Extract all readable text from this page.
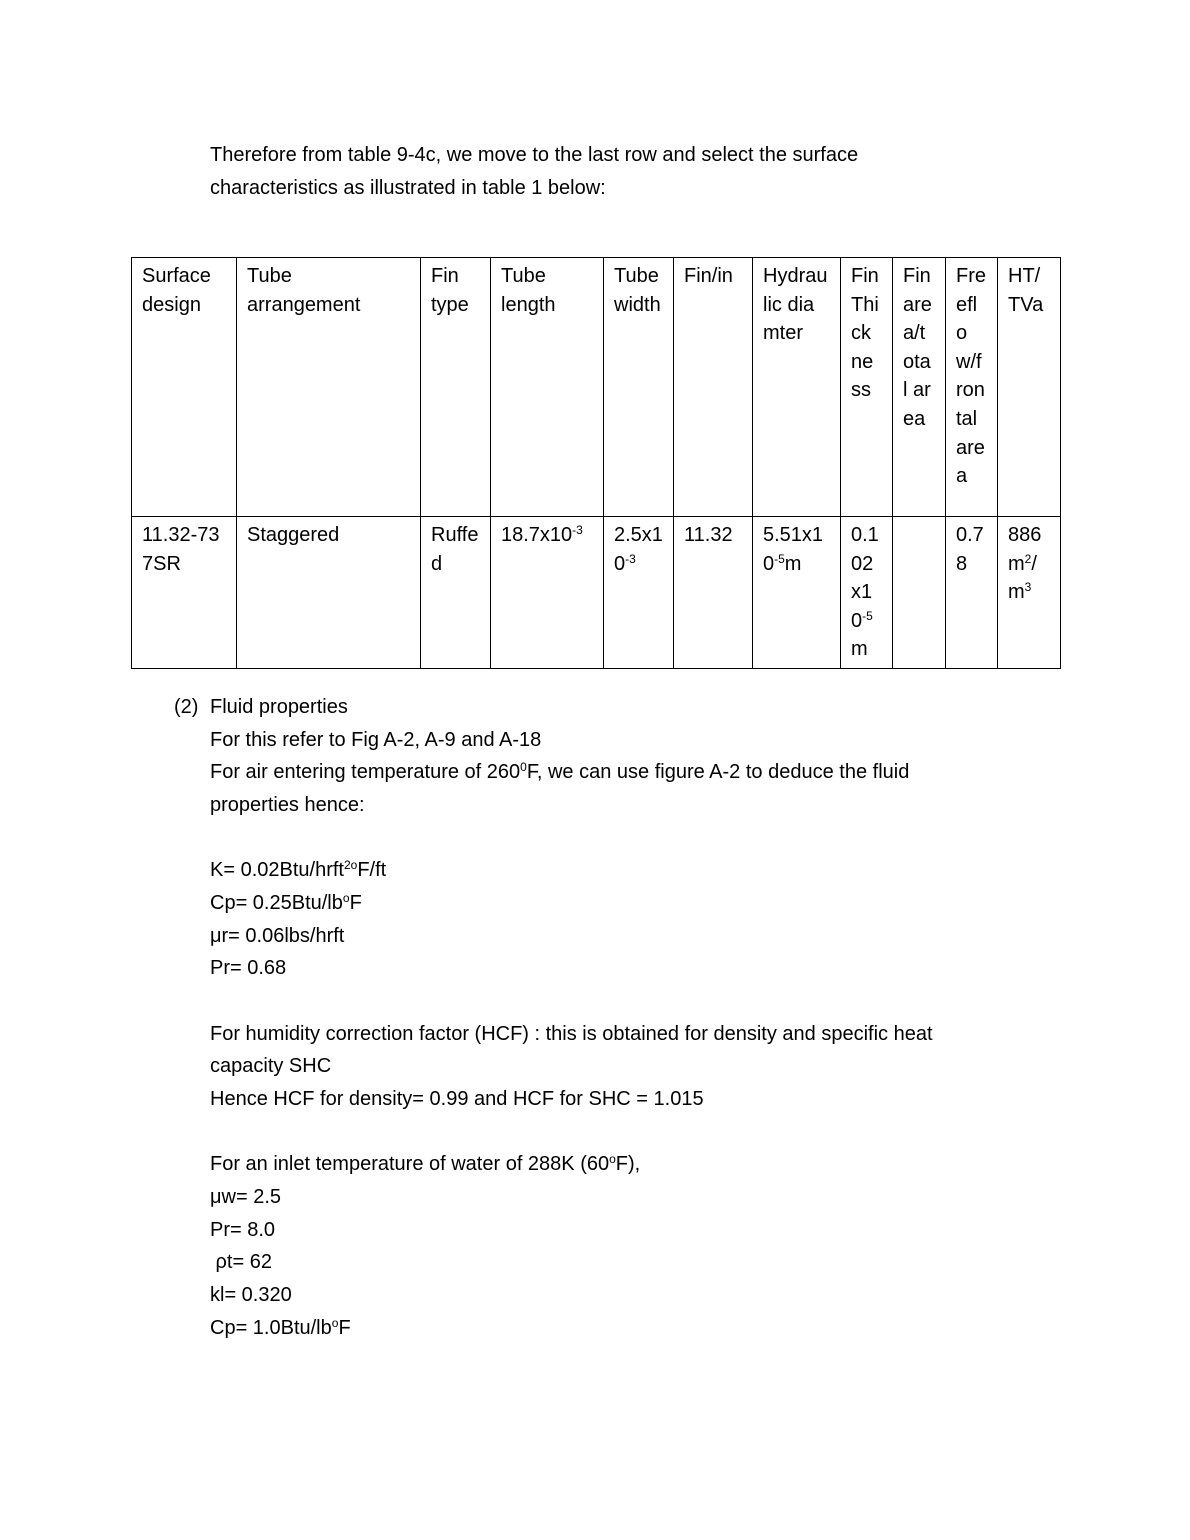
Therefore from table 9-4c, we move to the last row and select the surface
characteristics as illustrated in table 1 below:
Surface design	Tube arrangement	Fin type	Tube length	Tube width	Fin/in	Hydraulic diamter	Fin Thickness	Fin area/total area	Freeflow/frontal area	HT/TVa
11.32-737SR	Staggered	Ruffed	$18.7x10^{-3}$	$2.5x10^{-3}$	11.32	$5.51x10^{-5}m$	$0.102x10^{-5}m$		0.78	$886m^2/m^3$
(2) Fluid properties
For this refer to Fig A-2, A-9 and A-18
For air entering temperature of $260^0F$, we can use figure A-2 to deduce the fluid
properties hence:
K= 0.02Btu/hrft$^{2o}$F/ft
$Cp= 0.25Btu/lb^oF$
μr= 0.06lbs/hrft
Pr= 0.68
For humidity correction factor (HCF) : this is obtained for density and specific heat
capacity SHC
Hence HCF for density= 0.99 and HCF for SHC = 1.015
For an inlet temperature of water of 288K (60$^o$F),
μw= 2.5
Pr= 8.0
ρt= 62
kl= 0.320
$Cp= 1.0Btu/lb^oF$
